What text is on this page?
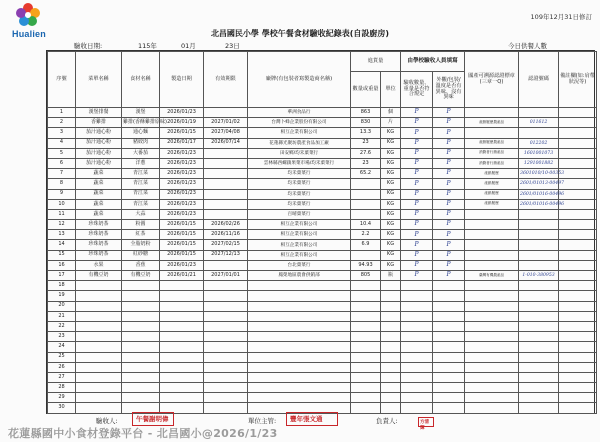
Hualien
109年12月31日修訂
北昌國民小學 學校午餐食材驗收紀錄表(自設廚房)
驗收日期:	115年	01月	23日	今日供餐人數
序號	菜單名稱	食材名稱	製造日期	有效期限	廠牌(有包裝者寫製造商名稱)	進貨量		由學校驗收人員填寫		國產可溯源認證標章(三章一Q)	認證號碼	備註欄(如:肩帶狀況等)
						數量或重量	單位	驗收數量、重量是否符合規定	外觀/包裝/溫度是否有異味、沒有異味			
1	漢堡排餐	漢堡	2026/01/23		華洲食品行	863	個	P	P			
2	香雞排	雞排(香酥雞排原味)	2026/01/19	2027/01/02	台灣卜蜂企業股份有限公司	830	片	P	P	產銷履歷農產品	011612	
3	茄汁通心粉	通心麵	2026/01/15	2027/04/08	相互企業有限公司	13.3	KG	P	P			
4	茄汁通心粉	豬絞肉	2026/01/17	2026/07/14	花蓮縣光聚坊農產食品加工廠	23	KG	P	P	產銷履歷農產品	012202	
5	茄汁通心粉	大番茄	2026/01/23		田安鄉/均禾菓菜行	27.6	KG	P	P	消費者行銷產品	1601001073	
6	茄汁通心粉	洋蔥	2026/01/23		雲林縣西螺鎮果菜市場/均禾菓菜行	23	KG	P	P	消費者行銷產品	1291001882	
7	蔬菜	青江菜	2026/01/23		均禾菓菜行	65.2	KG	P	P	產銷履歷	3601010/10-00353	
8	蔬菜	青江菜	2026/01/23		均禾菓菜行		KG	P	P	產銷履歷	2601/01013-00497	
9	蔬菜	青江菜	2026/01/23		均禾菓菜行		KG	P	P	產銷履歷	2601/01016-00496	
10	蔬菜	青江菜	2026/01/23		均禾菓菜行		KG	P	P	產銷履歷	2601/01016-00496	
11	蔬菜	大蒜	2026/01/23		百晴菓菜行		KG	P	P			
12	珍珠奶茶	粉圓	2026/01/15	2026/02/26	相互企業有限公司	10.4	KG	P	P			
13	珍珠奶茶	紅茶	2026/01/15	2026/11/16	相互企業有限公司	2.2	KG	P	P			
14	珍珠奶茶	全脂奶粉	2026/01/15	2027/02/15	相互企業有限公司	6.9	KG	P	P			
15	珍珠奶茶	紅砂糖	2026/01/15	2027/12/13	相互企業有限公司		KG	P	P			
16	水果	香蕉	2026/01/23		台北菓菜行	94.93	KG	P	P			
17	有機豆奶	有機豆奶	2026/01/21	2027/01/01	鳳榮地區農會供銷部	805	瓶	P	P	臺灣有機農產品	1-010-380953	
18												
19												
20												
21												
22												
23												
24												
25												
26												
27												
28												
29												
30												
驗收人:	午餐謝明偉	單位主管:	豐年張文通	負責人:	方清輝
花蓮縣國中小食材登錄平台 - 北昌國小@2026/1/23
